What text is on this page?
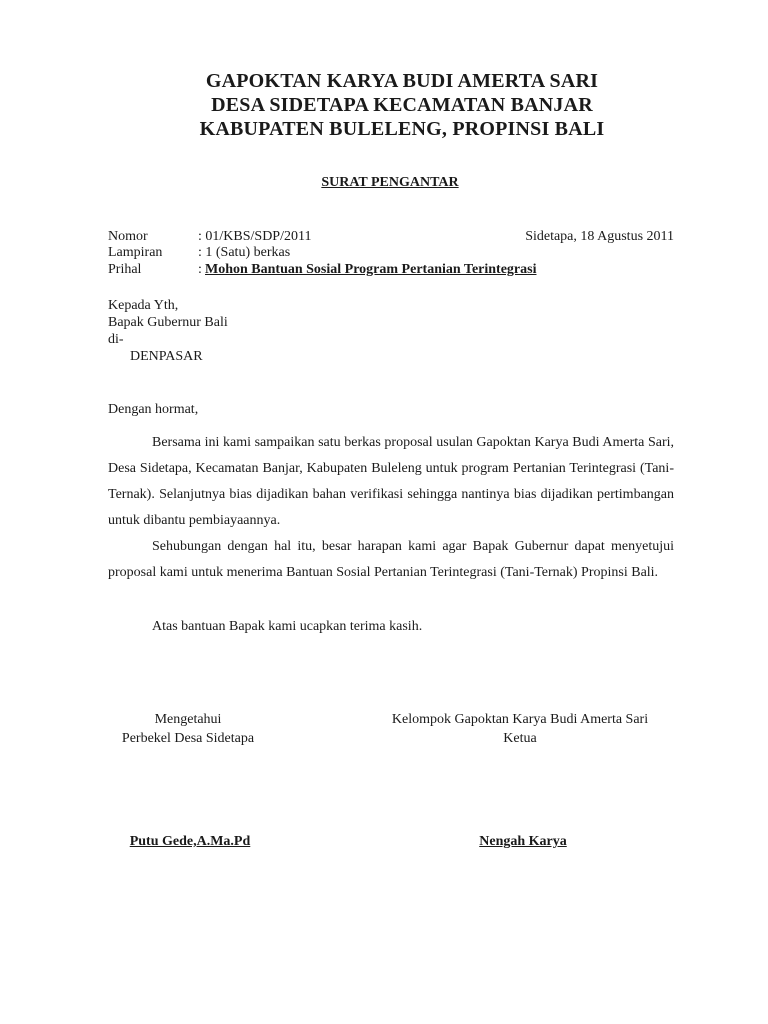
GAPOKTAN KARYA BUDI AMERTA SARI
DESA SIDETAPA KECAMATAN BANJAR
KABUPATEN BULELENG, PROPINSI BALI
SURAT PENGANTAR
Nomor	: 01/KBS/SDP/2011	Sidetapa, 18 Agustus 2011
Lampiran	: 1 (Satu) berkas
Prihal	: Mohon Bantuan Sosial Program Pertanian Terintegrasi
Kepada Yth,
Bapak Gubernur Bali
di-
DENPASAR
Dengan hormat,
Bersama ini kami sampaikan satu berkas proposal usulan Gapoktan Karya Budi Amerta Sari, Desa Sidetapa, Kecamatan Banjar, Kabupaten Buleleng untuk program Pertanian Terintegrasi (Tani-Ternak). Selanjutnya bias dijadikan bahan verifikasi sehingga nantinya bias dijadikan pertimbangan untuk dibantu pembiayaannya.
Sehubungan dengan hal itu, besar harapan kami agar Bapak Gubernur dapat menyetujui proposal kami untuk menerima Bantuan Sosial Pertanian Terintegrasi (Tani-Ternak) Propinsi Bali.
Atas bantuan Bapak kami ucapkan terima kasih.
Mengetahui
Perbekel Desa Sidetapa
Kelompok Gapoktan Karya Budi Amerta Sari
Ketua
Putu Gede,A.Ma.Pd	Nengah Karya
